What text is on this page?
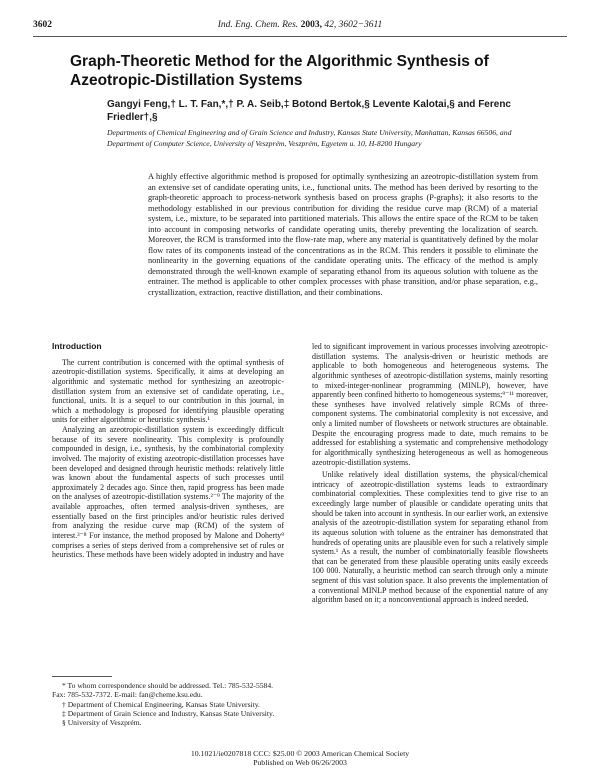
3602	Ind. Eng. Chem. Res. 2003, 42, 3602−3611
Graph-Theoretic Method for the Algorithmic Synthesis of Azeotropic-Distillation Systems
Gangyi Feng,† L. T. Fan,*,† P. A. Seib,‡ Botond Bertok,§ Levente Kalotai,§ and Ferenc Friedler†,§
Departments of Chemical Engineering and of Grain Science and Industry, Kansas State University, Manhattan, Kansas 66506, and Department of Computer Science, University of Veszprém, Veszprém, Egyetem u. 10, H-8200 Hungary
A highly effective algorithmic method is proposed for optimally synthesizing an azeotropic-distillation system from an extensive set of candidate operating units, i.e., functional units. The method has been derived by resorting to the graph-theoretic approach to process-network synthesis based on process graphs (P-graphs); it also resorts to the methodology established in our previous contribution for dividing the residue curve map (RCM) of a material system, i.e., mixture, to be separated into partitioned materials. This allows the entire space of the RCM to be taken into account in composing networks of candidate operating units, thereby preventing the localization of search. Moreover, the RCM is transformed into the flow-rate map, where any material is quantitatively defined by the molar flow rates of its components instead of the concentrations as in the RCM. This renders it possible to eliminate the nonlinearity in the governing equations of the candidate operating units. The efficacy of the method is amply demonstrated through the well-known example of separating ethanol from its aqueous solution with toluene as the entrainer. The method is applicable to other complex processes with phase transition, and/or phase separation, e.g., crystallization, extraction, reactive distillation, and their combinations.
Introduction

The current contribution is concerned with the optimal synthesis of azeotropic-distillation systems. Specifically, it aims at developing an algorithmic and systematic method for synthesizing an azeotropic-distillation system from an extensive set of candidate operating, i.e., functional, units. It is a sequel to our contribution in this journal, in which a methodology is proposed for identifying plausible operating units for either algorithmic or heuristic synthesis.¹

Analyzing an azeotropic-distillation system is exceedingly difficult because of its severe nonlinearity. This complexity is profoundly compounded in design, i.e., synthesis, by the combinatorial complexity involved. The majority of existing azeotropic-distillation processes have been developed and designed through heuristic methods: relatively little was known about the fundamental aspects of such processes until approximately 2 decades ago. Since then, rapid progress has been made on the analyses of azeotropic-distillation systems.²⁻⁹ The majority of the available approaches, often termed analysis-driven syntheses, are essentially based on the first principles and/or heuristic rules derived from analyzing the residue curve map (RCM) of the system of interest.³⁻⁸ For instance, the method proposed by Malone and Doherty⁹ comprises a series of steps derived from a comprehensive set of rules or heuristics. These methods have been widely adopted in industry and have

* To whom correspondence should be addressed. Tel.: 785-532-5584. Fax: 785-532-7372. E-mail: fan@cheme.ksu.edu.

† Department of Chemical Engineering, Kansas State University.

‡ Department of Grain Science and Industry, Kansas State University.

§ University of Veszprém.

led to significant improvement in various processes involving azeotropic-distillation systems. The analysis-driven or heuristic methods are applicable to both homogeneous and heterogeneous systems. The algorithmic syntheses of azeotropic-distillation systems, mainly resorting to mixed-integer-nonlinear programming (MINLP), however, have apparently been confined hitherto to homogeneous systems;⁹⁻¹¹ moreover, these syntheses have involved relatively simple RCMs of three-component systems. The combinatorial complexity is not excessive, and only a limited number of flowsheets or network structures are obtainable. Despite the encouraging progress made to date, much remains to be addressed for establishing a systematic and comprehensive methodology for algorithmically synthesizing heterogeneous as well as homogeneous azeotropic-distillation systems.

Unlike relatively ideal distillation systems, the physical/chemical intricacy of azeotropic-distillation systems leads to extraordinary combinatorial complexities. These complexities tend to give rise to an exceedingly large number of plausible or candidate operating units that should be taken into account in synthesis. In our earlier work, an extensive analysis of the azeotropic-distillation system for separating ethanol from its aqueous solution with toluene as the entrainer has demonstrated that hundreds of operating units are plausible even for such a relatively simple system.¹ As a result, the number of combinatorially feasible flowsheets that can be generated from these plausible operating units easily exceeds 100 000. Naturally, a heuristic method can search through only a minute segment of this vast solution space. It also prevents the implementation of a conventional MINLP method because of the exponential nature of any algorithm based on it; a nonconventional approach is indeed needed.

10.1021/ie0207818 CCC: $25.00 © 2003 American Chemical Society
Published on Web 06/26/2003
